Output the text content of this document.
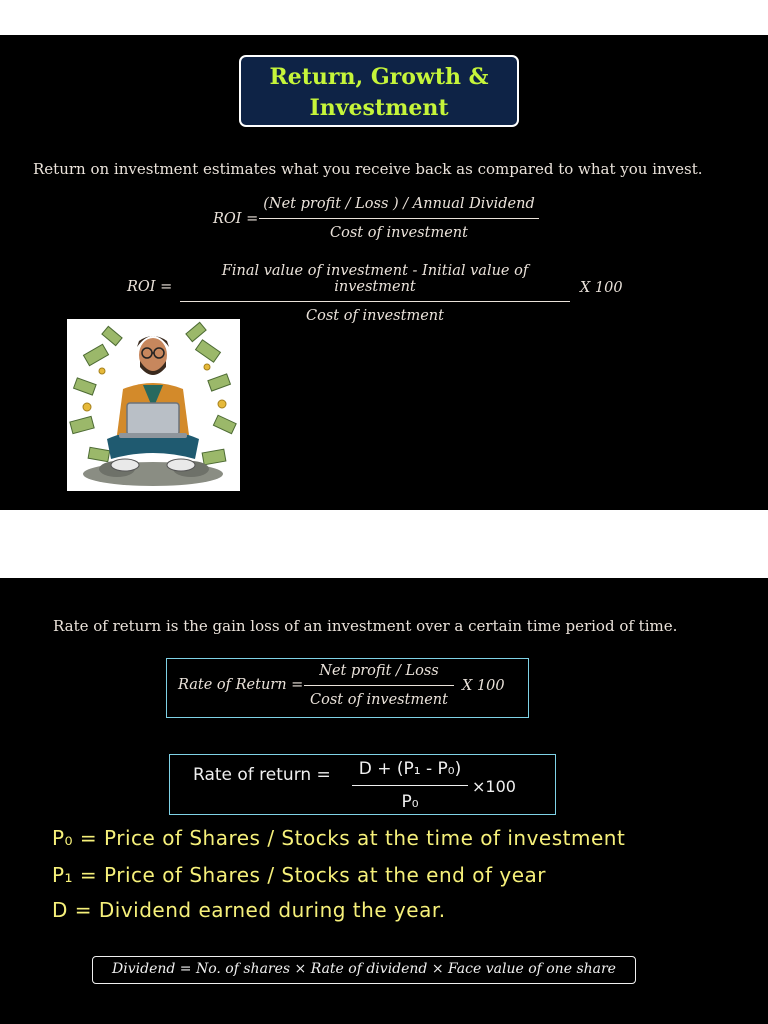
Return, Growth &
Investment
Return on investment estimates what you receive back as compared to what you invest.
ROI =
(Net profit / Loss ) / Annual Dividend
Cost of investment
ROI =
Final value of investment - Initial value of investment
Cost of investment
X 100
Rate of return is the gain loss of an investment over a certain time period of time.
Rate of Return =
Net profit / Loss
Cost of investment
X 100
Rate of return = $\frac{\text{D + (P₁ - P₀)}}{\text{P₀}} \times 100$
P₀ = Price of Shares / Stocks at the time of investment
P₁ = Price of Shares / Stocks at the end of year
D = Dividend earned during the year.
Dividend = No. of shares × Rate of dividend × Face value of one share
